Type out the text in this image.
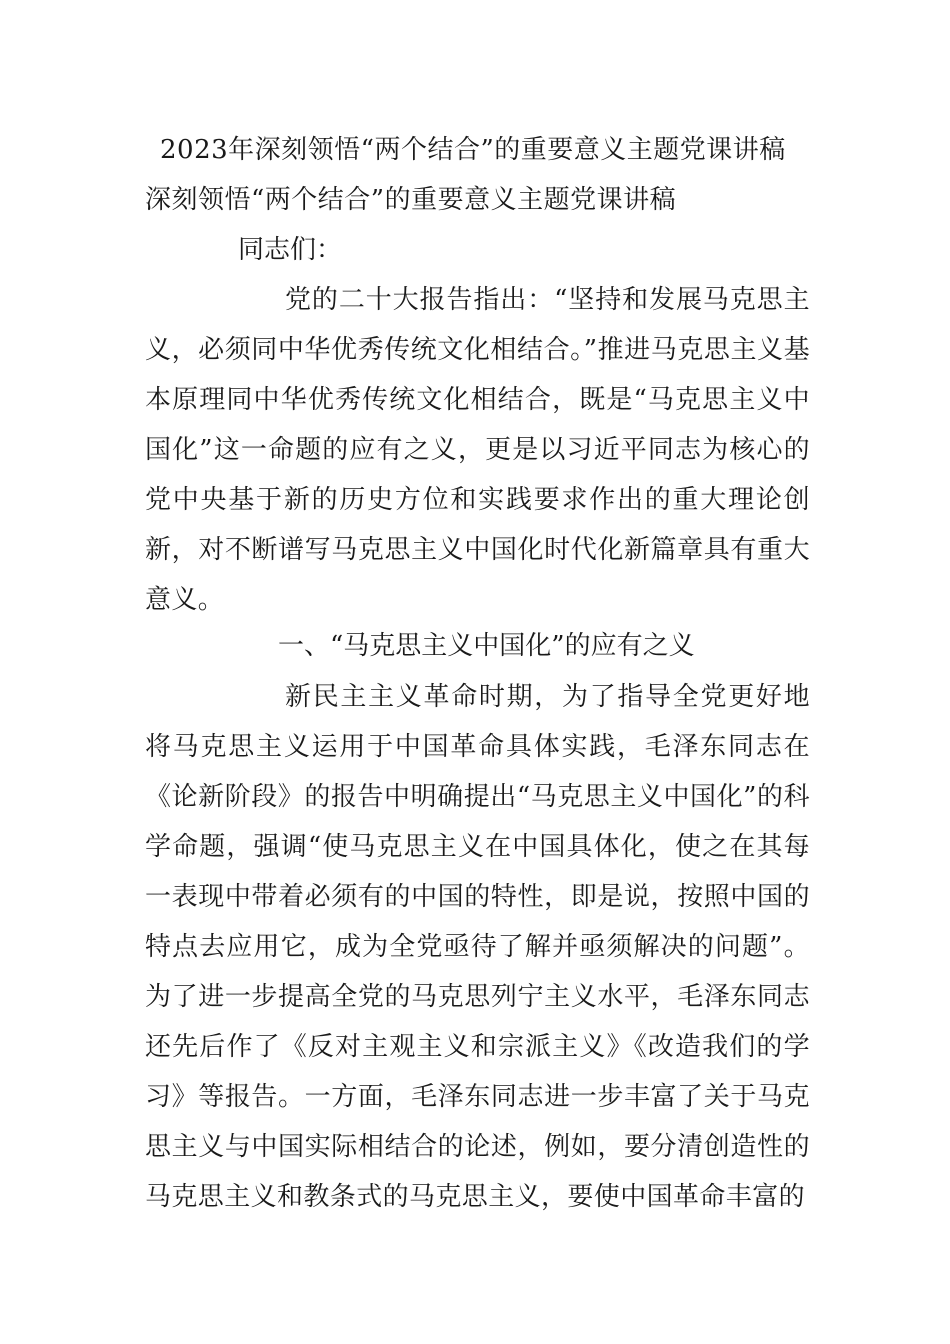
2023年深刻领悟“两个结合”的重要意义主题党课讲稿
深刻领悟“两个结合”的重要意义主题党课讲稿
同志们：
党的二十大报告指出：“坚持和发展马克思主义，必须同中华优秀传统文化相结合。”推进马克思主义基本原理同中华优秀传统文化相结合，既是“马克思主义中国化”这一命题的应有之义，更是以习近平同志为核心的党中央基于新的历史方位和实践要求作出的重大理论创新，对不断谱写马克思主义中国化时代化新篇章具有重大意义。
一、“马克思主义中国化”的应有之义
新民主主义革命时期，为了指导全党更好地将马克思主义运用于中国革命具体实践，毛泽东同志在《论新阶段》的报告中明确提出“马克思主义中国化”的科学命题，强调“使马克思主义在中国具体化，使之在其每一表现中带着必须有的中国的特性，即是说，按照中国的特点去应用它，成为全党亟待了解并亟须解决的问题”。为了进一步提高全党的马克思列宁主义水平，毛泽东同志还先后作了《反对主观主义和宗派主义》《改造我们的学习》等报告。一方面，毛泽东同志进一步丰富了关于马克思主义与中国实际相结合的论述，例如，要分清创造性的马克思主义和教条式的马克思主义，要使中国革命丰富的
